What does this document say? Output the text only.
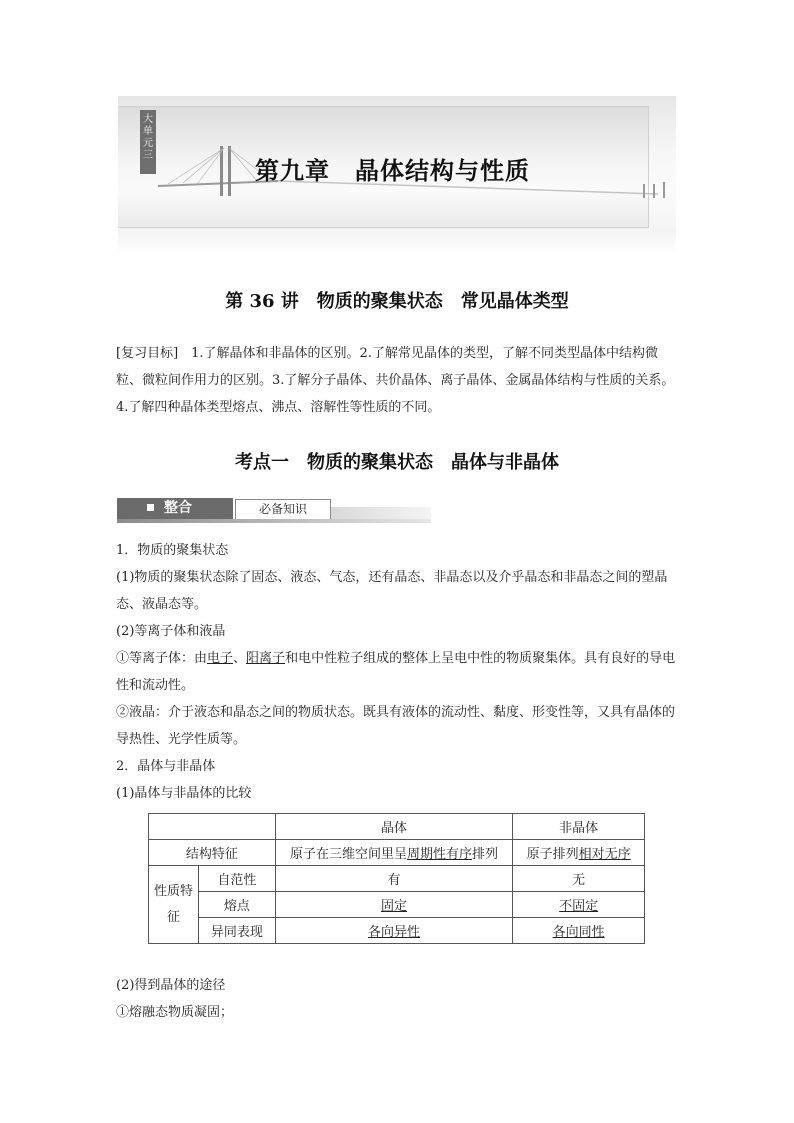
大单元三
第九章　晶体结构与性质
第 36 讲　物质的聚集状态　常见晶体类型
[复习目标]　1.了解晶体和非晶体的区别。2.了解常见晶体的类型，了解不同类型晶体中结构微粒、微粒间作用力的区别。3.了解分子晶体、共价晶体、离子晶体、金属晶体结构与性质的关系。4.了解四种晶体类型熔点、沸点、溶解性等性质的不同。
考点一　物质的聚集状态　晶体与非晶体
整合	必备知识

1．物质的聚集状态

(1)物质的聚集状态除了固态、液态、气态，还有晶态、非晶态以及介乎晶态和非晶态之间的塑晶态、液晶态等。

(2)等离子体和液晶

①等离子体：由电子、阳离子和电中性粒子组成的整体上呈电中性的物质聚集体。具有良好的导电性和流动性。

②液晶：介于液态和晶态之间的物质状态。既具有液体的流动性、黏度、形变性等，又具有晶体的导热性、光学性质等。

2．晶体与非晶体

(1)晶体与非晶体的比较

		晶体	非晶体
结构特征		原子在三维空间里呈周期性有序排列	原子排列相对无序
性质特征	自范性	有	无
	熔点	固定	不固定
	异同表现	各向异性	各向同性

(2)得到晶体的途径

①熔融态物质凝固；
